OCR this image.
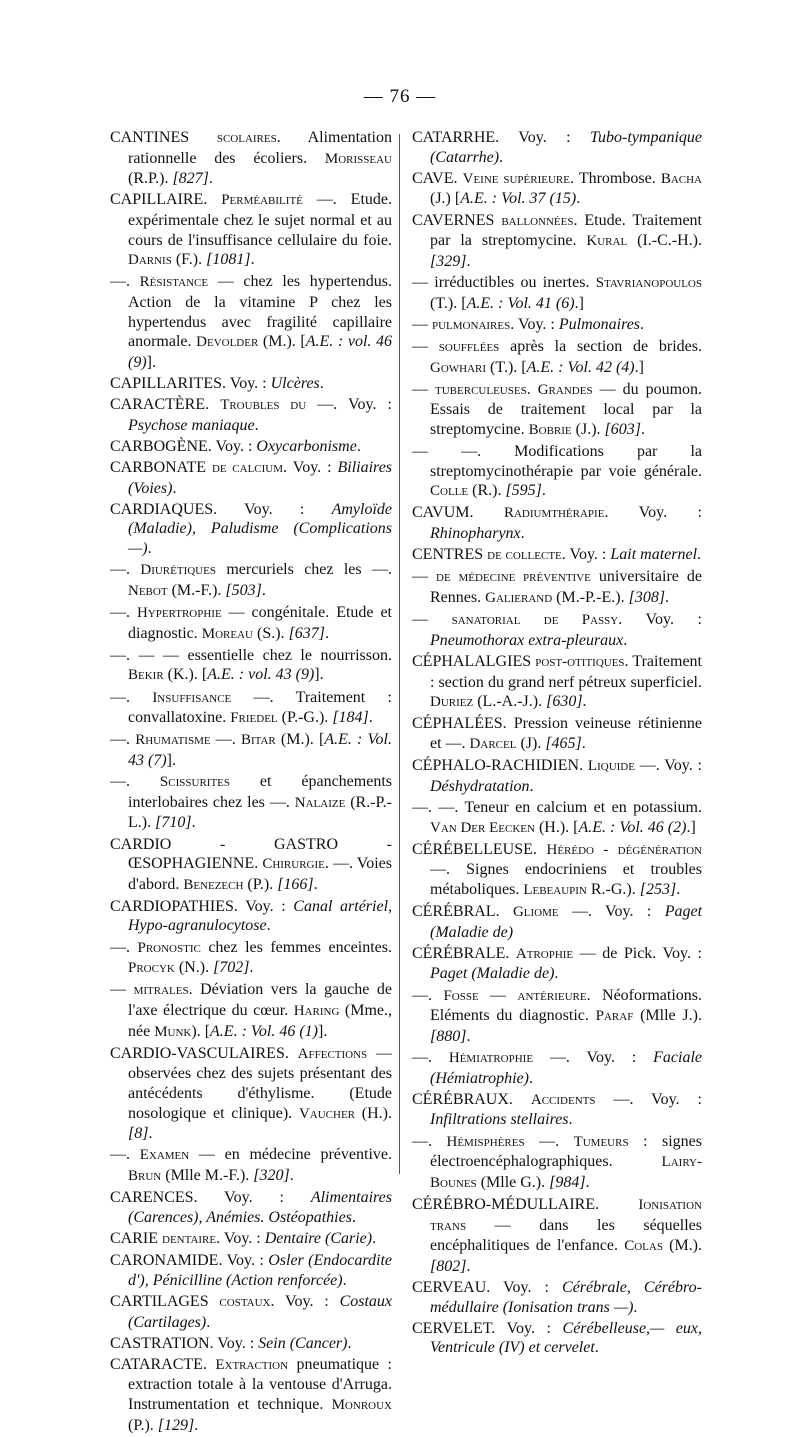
— 76 —

CANTINES scolaires. Alimentation rationnelle des écoliers. Morisseau (R.P.). [827].

CAPILLAIRE. Perméabilité —. Etude. expérimentale chez le sujet normal et au cours de l'insuffisance cellulaire du foie. Darnis (F.). [1081].

—. Résistance — chez les hypertendus. Action de la vitamine P chez les hypertendus avec fragilité capillaire anormale. Devolder (M.). [A.E. : vol. 46 (9)].

CAPILLARITES. Voy. : Ulcères.

CARACTÈRE. Troubles du —. Voy. : Psychose maniaque.

CARBOGÈNE. Voy. : Oxycarbonisme.

CARBONATE de calcium. Voy. : Biliaires (Voies).

CARDIAQUES. Voy. : Amyloïde (Maladie), Paludisme (Complications —).

—. Diurétiques mercuriels chez les —. Nebot (M.-F.). [503].

—. Hypertrophie — congénitale. Etude et diagnostic. Moreau (S.). [637].

—. — — essentielle chez le nourrisson. Bekir (K.). [A.E. : vol. 43 (9)].

—. Insuffisance —. Traitement : convallatoxine. Friedel (P.-G.). [184].

—. Rhumatisme —. Bitar (M.). [A.E. : Vol. 43 (7)].

—. Scissurites et épanchements interlobaires chez les —. Nalaize (R.-P.-L.). [710].

CARDIO - GASTRO - ŒSOPHAGIENNE. Chirurgie. —. Voies d'abord. Benezech (P.). [166].

CARDIOPATHIES. Voy. : Canal artériel, Hypo-agranulocytose.

—. Pronostic chez les femmes enceintes. Procyk (N.). [702].

— mitrales. Déviation vers la gauche de l'axe électrique du cœur. Haring (Mme., née Munk). [A.E. : Vol. 46 (1)].

CARDIO-VASCULAIRES. Affections — observées chez des sujets présentant des antécédents d'éthylisme. (Etude nosologique et clinique). Vaucher (H.). [8].

—. Examen — en médecine préventive. Brun (Mlle M.-F.). [320].

CARENCES. Voy. : Alimentaires (Carences), Anémies. Ostéopathies.

CARIE dentaire. Voy. : Dentaire (Carie).

CARONAMIDE. Voy. : Osler (Endocardite d'), Pénicilline (Action renforcée).

CARTILAGES costaux. Voy. : Costaux (Cartilages).

CASTRATION. Voy. : Sein (Cancer).

CATARACTE. Extraction pneumatique : extraction totale à la ventouse d'Arruga. Instrumentation et technique. Monroux (P.). [129].

CATARRHE. Voy. : Tubo-tympanique (Catarrhe).

CAVE. Veine supérieure. Thrombose. Bacha (J.) [A.E. : Vol. 37 (15).

CAVERNES ballonnées. Etude. Traitement par la streptomycine. Kural (I.-C.-H.). [329].

— irréductibles ou inertes. Stavrianopoulos (T.). [A.E. : Vol. 41 (6).]

— pulmonaires. Voy. : Pulmonaires.

— soufflées après la section de brides. Gowhari (T.). [A.E. : Vol. 42 (4).]

— tuberculeuses. Grandes — du poumon. Essais de traitement local par la streptomycine. Bobrie (J.). [603].

— —. Modifications par la streptomycinothérapie par voie générale. Colle (R.). [595].

CAVUM. Radiumthérapie. Voy. : Rhinopharynx.

CENTRES de collecte. Voy. : Lait maternel.

— de médecine préventive universitaire de Rennes. Galierand (M.-P.-E.). [308].

— sanatorial de Passy. Voy. : Pneumothorax extra-pleuraux.

CÉPHALALGIES post-otitiques. Traitement : section du grand nerf pétreux superficiel. Duriez (L.-A.-J.). [630].

CÉPHALÉES. Pression veineuse rétinienne et —. Darcel (J). [465].

CÉPHALO-RACHIDIEN. Liquide —. Voy. : Déshydratation.

—. —. Teneur en calcium et en potassium. Van Der Eecken (H.). [A.E. : Vol. 46 (2).]

CÉRÉBELLEUSE. Hérédo - dégénération —. Signes endocriniens et troubles métaboliques. Lebeaupin R.-G.). [253].

CÉRÉBRAL. Gliome —. Voy. : Paget (Maladie de)

CÉRÉBRALE. Atrophie — de Pick. Voy. : Paget (Maladie de).

—. Fosse — antérieure. Néoformations. Eléments du diagnostic. Paraf (Mlle J.). [880].

—. Hémiatrophie —. Voy. : Faciale (Hémiatrophie).

CÉRÉBRAUX. Accidents —. Voy. : Infiltrations stellaires.

—. Hémisphères —. Tumeurs : signes électroencéphalographiques. Lairy-Bounes (Mlle G.). [984].

CÉRÉBRO-MÉDULLAIRE. Ionisation trans — dans les séquelles encéphalitiques de l'enfance. Colas (M.). [802].

CERVEAU. Voy. : Cérébrale, Cérébro-médullaire (Ionisation trans —).

CERVELET. Voy. : Cérébelleuse,— eux, Ventricule (IV) et cervelet.
